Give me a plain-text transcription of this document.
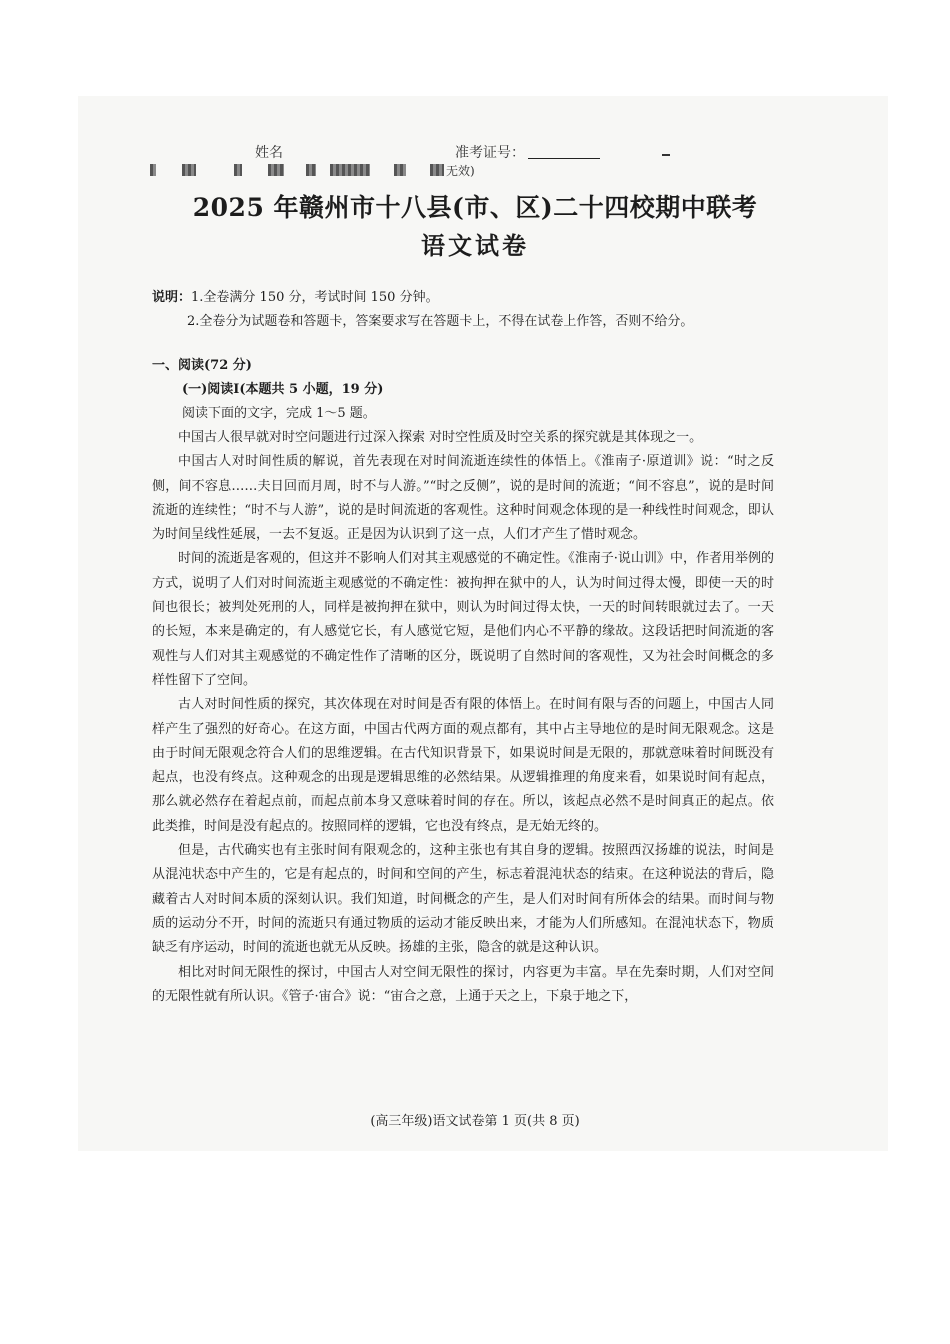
姓名	准考证号：
无效)
2025 年赣州市十八县(市、区)二十四校期中联考
语文试卷
说明：1.全卷满分 150 分，考试时间 150 分钟。
2.全卷分为试题卷和答题卡，答案要求写在答题卡上，不得在试卷上作答，否则不给分。
一、阅读(72 分)
(一)阅读Ⅰ(本题共 5 小题，19 分)
阅读下面的文字，完成 1～5 题。

中国古人很早就对时空问题进行过深入探索 对时空性质及时空关系的探究就是其体现之一。

中国古人对时间性质的解说，首先表现在对时间流逝连续性的体悟上。《淮南子·原道训》说：“时之反侧，间不容息……夫日回而月周，时不与人游。”“时之反侧”，说的是时间的流逝；“间不容息”，说的是时间流逝的连续性；“时不与人游”，说的是时间流逝的客观性。这种时间观念体现的是一种线性时间观念，即认为时间呈线性延展，一去不复返。正是因为认识到了这一点，人们才产生了惜时观念。

时间的流逝是客观的，但这并不影响人们对其主观感觉的不确定性。《淮南子·说山训》中，作者用举例的方式，说明了人们对时间流逝主观感觉的不确定性：被拘押在狱中的人，认为时间过得太慢，即使一天的时间也很长；被判处死刑的人，同样是被拘押在狱中，则认为时间过得太快，一天的时间转眼就过去了。一天的长短，本来是确定的，有人感觉它长，有人感觉它短，是他们内心不平静的缘故。这段话把时间流逝的客观性与人们对其主观感觉的不确定性作了清晰的区分，既说明了自然时间的客观性，又为社会时间概念的多样性留下了空间。

古人对时间性质的探究，其次体现在对时间是否有限的体悟上。在时间有限与否的问题上，中国古人同样产生了强烈的好奇心。在这方面，中国古代两方面的观点都有，其中占主导地位的是时间无限观念。这是由于时间无限观念符合人们的思维逻辑。在古代知识背景下，如果说时间是无限的，那就意味着时间既没有起点，也没有终点。这种观念的出现是逻辑思维的必然结果。从逻辑推理的角度来看，如果说时间有起点，那么就必然存在着起点前，而起点前本身又意味着时间的存在。所以，该起点必然不是时间真正的起点。依此类推，时间是没有起点的。按照同样的逻辑，它也没有终点，是无始无终的。

但是，古代确实也有主张时间有限观念的，这种主张也有其自身的逻辑。按照西汉扬雄的说法，时间是从混沌状态中产生的，它是有起点的，时间和空间的产生，标志着混沌状态的结束。在这种说法的背后，隐藏着古人对时间本质的深刻认识。我们知道，时间概念的产生，是人们对时间有所体会的结果。而时间与物质的运动分不开，时间的流逝只有通过物质的运动才能反映出来，才能为人们所感知。在混沌状态下，物质缺乏有序运动，时间的流逝也就无从反映。扬雄的主张，隐含的就是这种认识。

相比对时间无限性的探讨，中国古人对空间无限性的探讨，内容更为丰富。早在先秦时期，人们对空间的无限性就有所认识。《管子·宙合》说：“宙合之意，上通于天之上，下泉于地之下，

(高三年级)语文试卷第 1 页(共 8 页)
